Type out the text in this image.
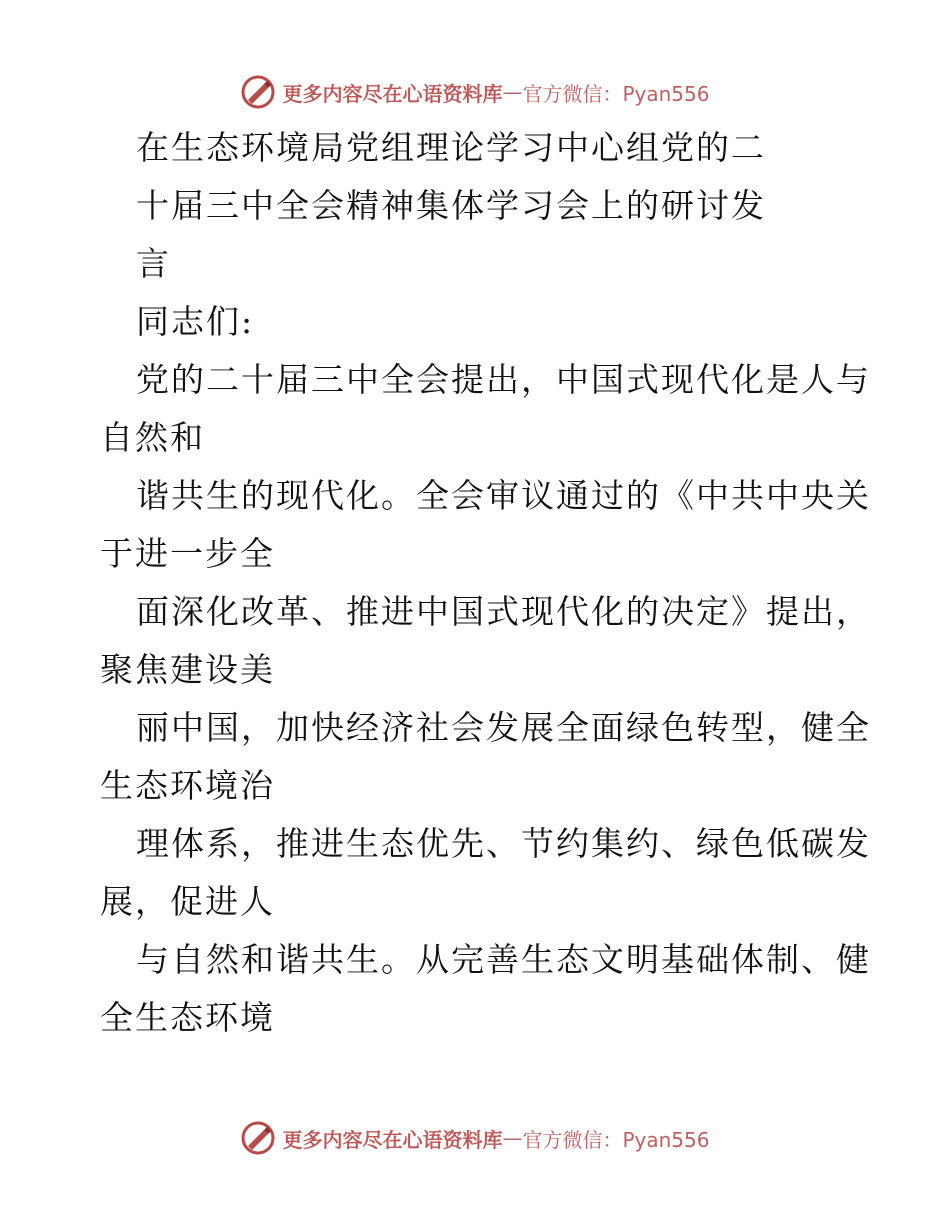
更多内容尽在心语资料库 — 官方微信：Pyan556
在生态环境局党组理论学习中心组党的二
十届三中全会精神集体学习会上的研讨发
言
同志们:
党的二十届三中全会提出，中国式现代化是人与
自然和
谐共生的现代化。全会审议通过的《中共中央关
于进一步全
面深化改革、推进中国式现代化的决定》提出，
聚焦建设美
丽中国，加快经济社会发展全面绿色转型，健全
生态环境治
理体系，推进生态优先、节约集约、绿色低碳发
展，促进人
与自然和谐共生。从完善生态文明基础体制、健
全生态环境
更多内容尽在心语资料库 — 官方微信：Pyan556
